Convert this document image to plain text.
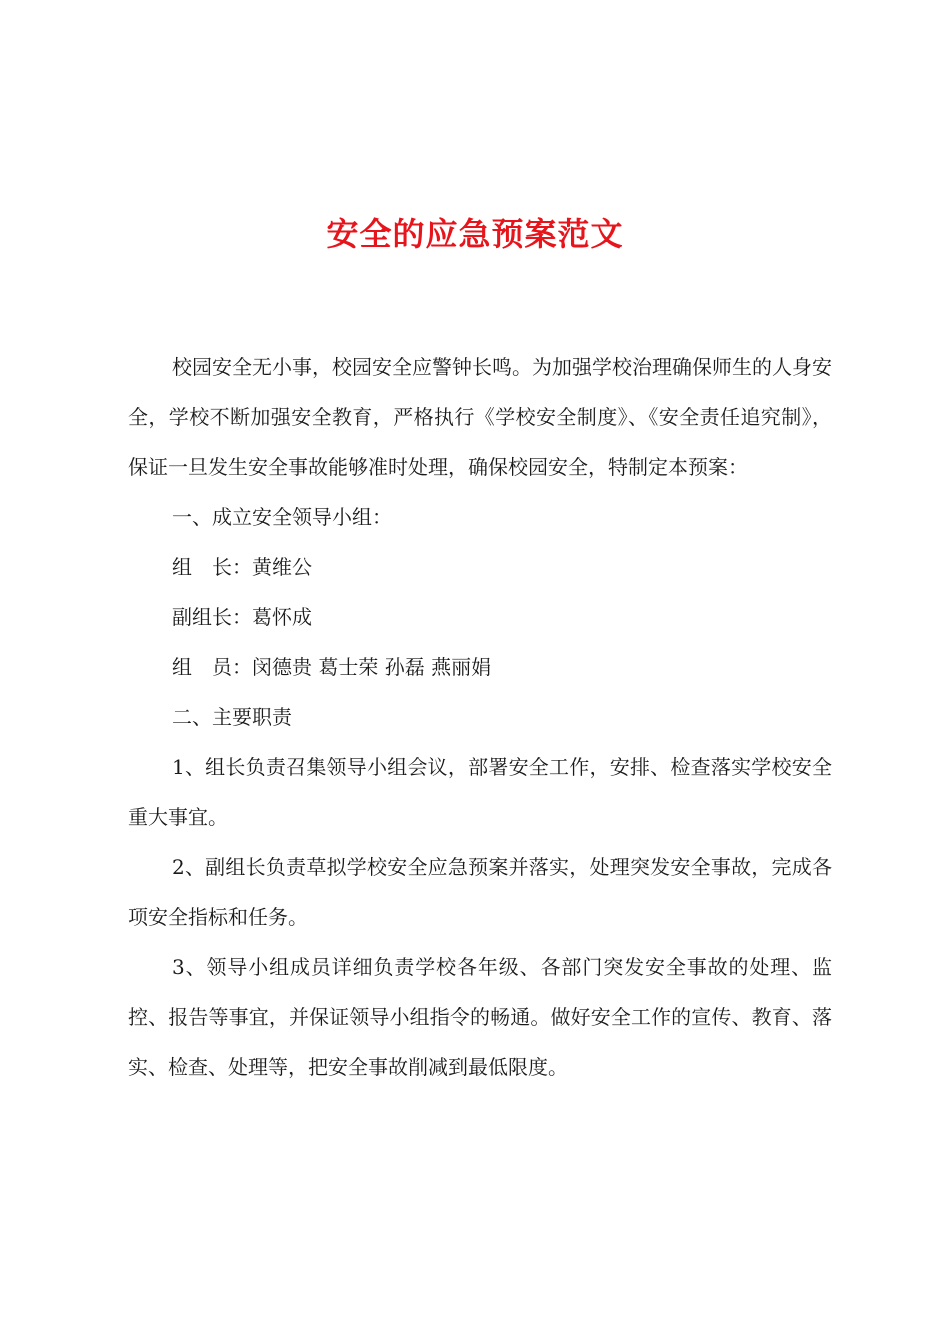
安全的应急预案范文

校园安全无小事，校园安全应警钟长鸣。为加强学校治理确保师生的人身安全，学校不断加强安全教育，严格执行《学校安全制度》、《安全责任追究制》，保证一旦发生安全事故能够准时处理，确保校园安全，特制定本预案：

一、成立安全领导小组：

组　长：黄维公

副组长：葛怀成

组　员：闵德贵 葛士荣 孙磊 燕丽娟

二、主要职责

1、组长负责召集领导小组会议，部署安全工作，安排、检查落实学校安全重大事宜。

2、副组长负责草拟学校安全应急预案并落实，处理突发安全事故，完成各项安全指标和任务。

3、领导小组成员详细负责学校各年级、各部门突发安全事故的处理、监控、报告等事宜，并保证领导小组指令的畅通。做好安全工作的宣传、教育、落实、检查、处理等，把安全事故削减到最低限度。
